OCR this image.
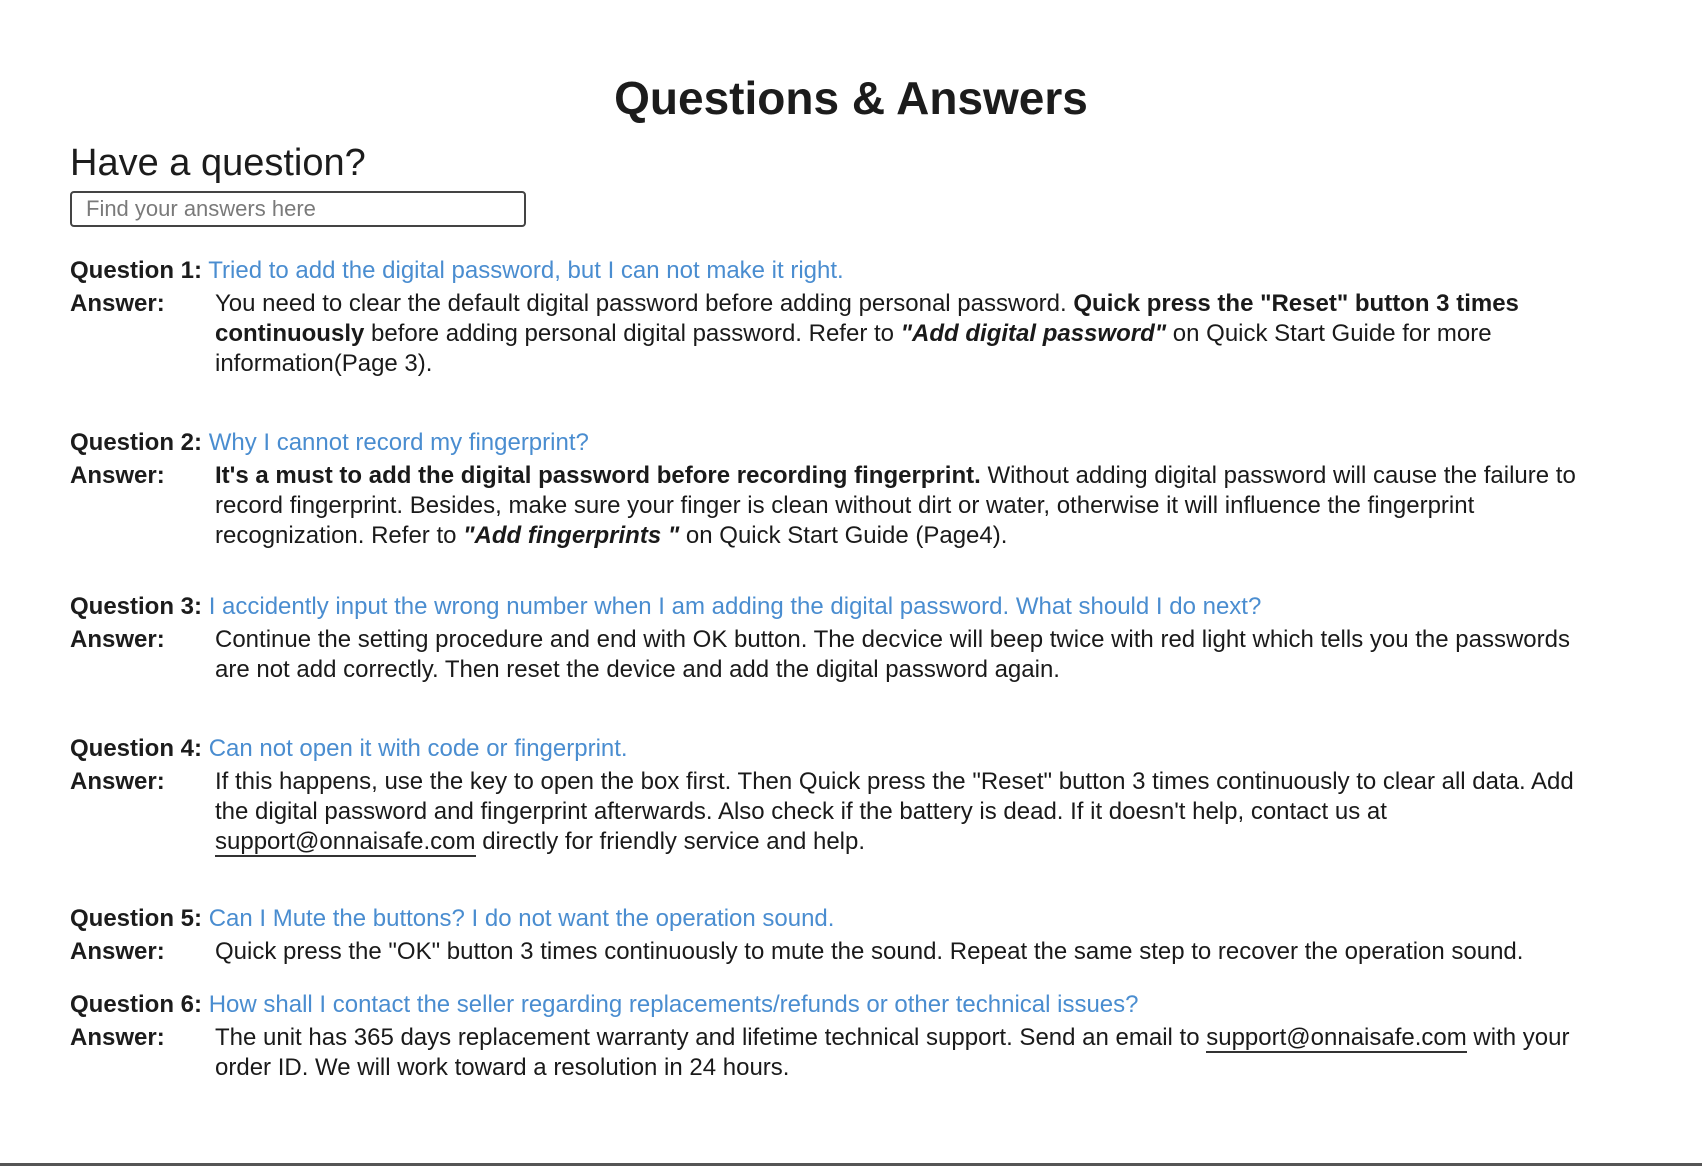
Questions & Answers
Have a question?
Find your answers here
Question 1: Tried to add the digital password, but I can not make it right.
Answer:	You need to clear the default digital password before adding personal password. Quick press the "Reset" button 3 times continuously before adding personal digital password. Refer to "Add digital password" on Quick Start Guide for more information(Page 3).
Question 2: Why I cannot record my fingerprint?
Answer:	It's a must to add the digital password before recording fingerprint. Without adding digital password will cause the failure to record fingerprint. Besides, make sure your finger is clean without dirt or water, otherwise it will influence the fingerprint recognization. Refer to "Add fingerprints " on Quick Start Guide (Page4).
Question 3: I accidently input the wrong number when I am adding the digital password. What should I do next?
Answer:	Continue the setting procedure and end with OK button. The decvice will beep twice with red light which tells you the passwords are not add correctly. Then reset the device and add the digital password again.
Question 4: Can not open it with code or fingerprint.
Answer:	If this happens, use the key to open the box first. Then Quick press the "Reset" button 3 times continuously to clear all data. Add the digital password and fingerprint afterwards. Also check if the battery is dead. If it doesn't help, contact us at support@onnaisafe.com directly for friendly service and help.
Question 5: Can I Mute the buttons? I do not want the operation sound.
Answer:	Quick press the "OK" button 3 times continuously to mute the sound. Repeat the same step to recover the operation sound.
Question 6: How shall I contact the seller regarding replacements/refunds or other technical issues?
Answer:	The unit has 365 days replacement warranty and lifetime technical support. Send an email to support@onnaisafe.com with your order ID. We will work toward a resolution in 24 hours.
